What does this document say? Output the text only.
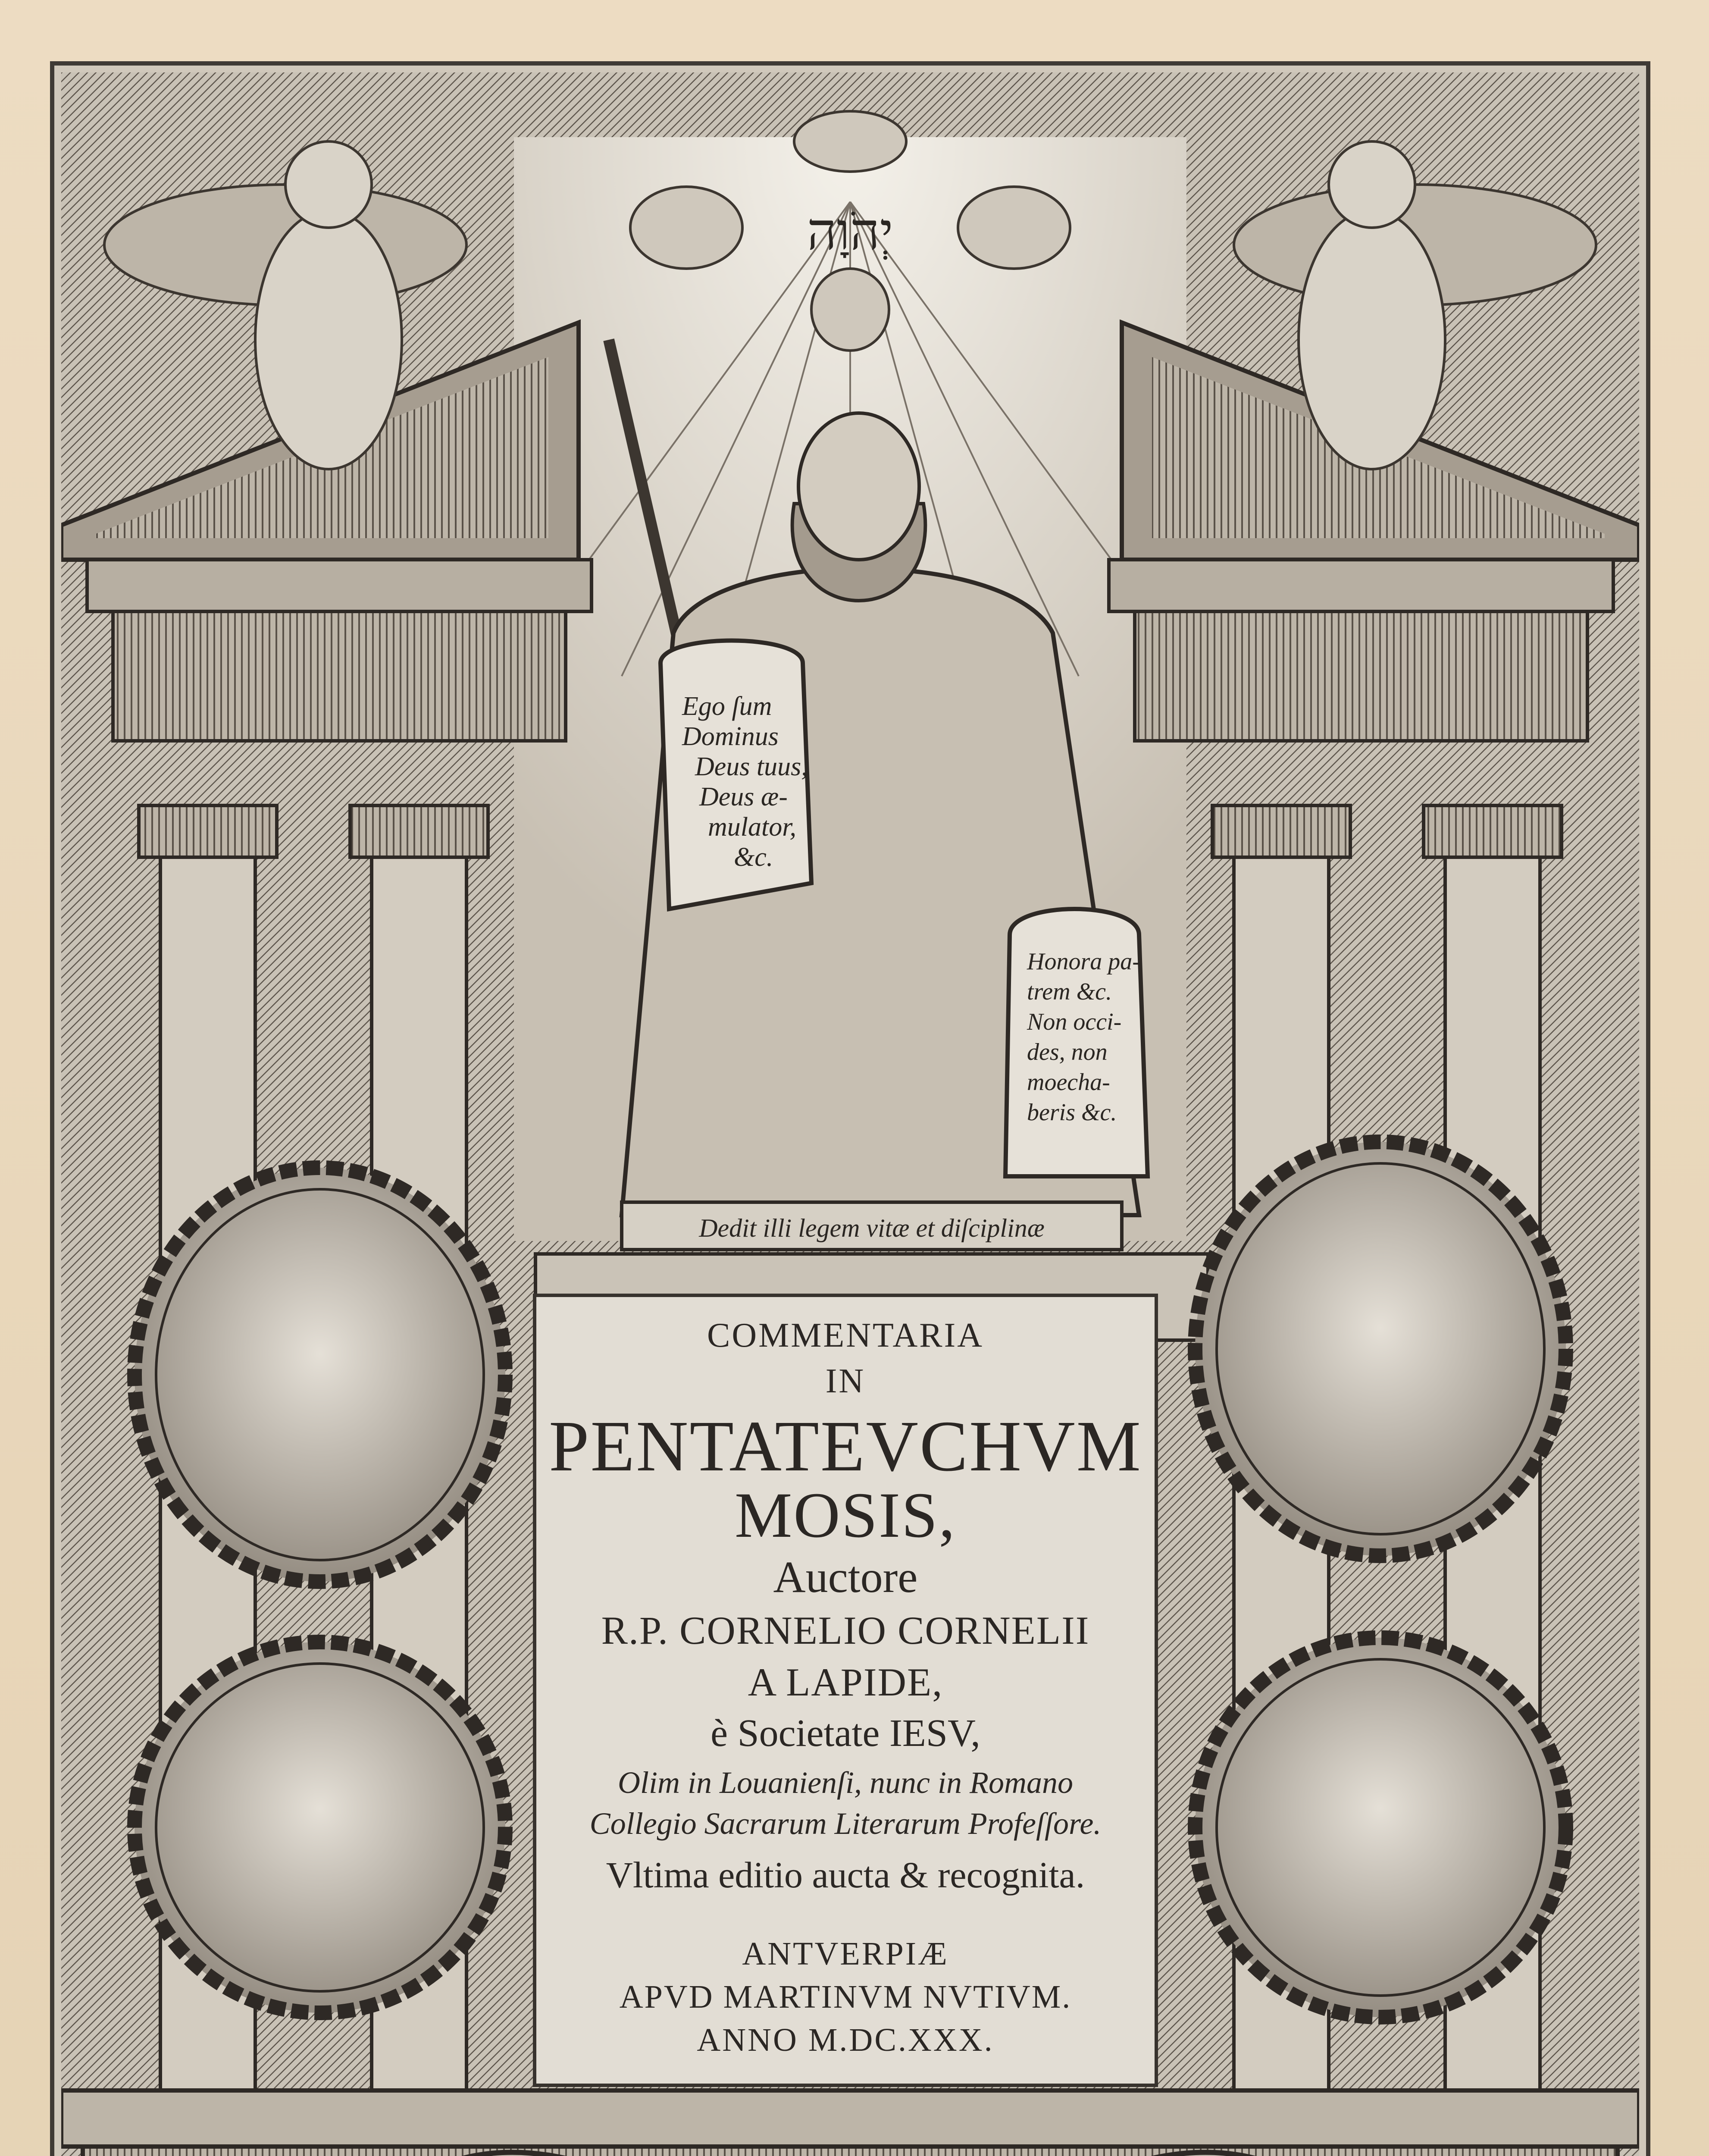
יְהֹוָה
Ego ſum
Dominus
Deus tuus,
Deus æ-
mulator,
&c.
Honora pa-
trem &c.
Non occi-
des, non
moecha-
beris &c.
Dedit illi legem vitæ et diſciplinæ
COMMENTARIA
IN
PENTATEVCHVM
MOSIS,
Auctore
R.P. CORNELIO CORNELII
A LAPIDE,
è Societate IESV,
Olim in Louanienſi, nunc in Romano
Collegio Sacrarum Literarum Profeſſore.
Vltima editio aucta & recognita.
ANTVERPIÆ
APVD MARTINVM NVTIVM.
ANNO M.DC.XXX.
